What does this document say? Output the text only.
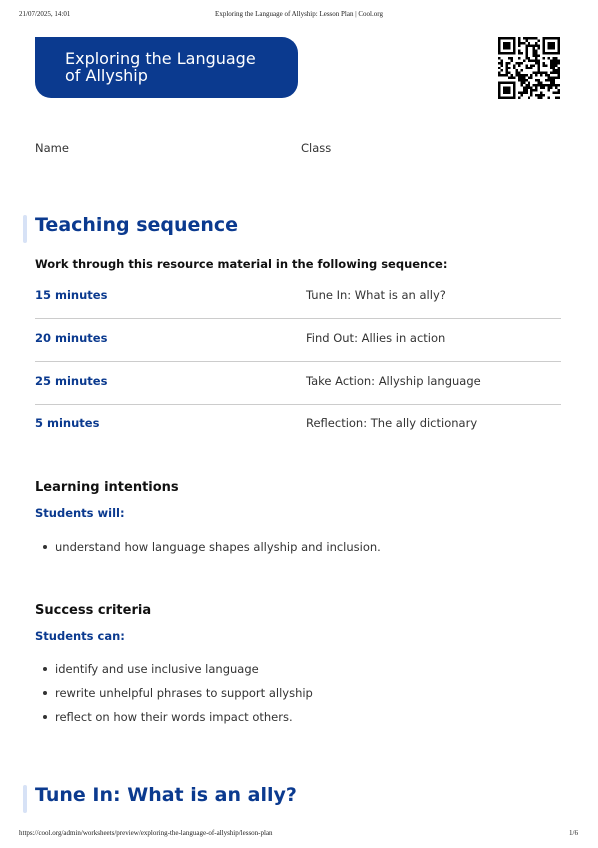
21/07/2025, 14:01	Exploring the Language of Allyship: Lesson Plan | Cool.org
Exploring the Language
of Allyship
Name	Class
Teaching sequence

Work through this resource material in the following sequence:

15 minutes	Tune In: What is an ally?
20 minutes	Find Out: Allies in action
25 minutes	Take Action: Allyship language
5 minutes	Reflection: The ally dictionary
Learning intentions

Students will:

understand how language shapes allyship and inclusion.
Success criteria

Students can:

identify and use inclusive language
rewrite unhelpful phrases to support allyship
reflect on how their words impact others.
Tune In: What is an ally?
https://cool.org/admin/worksheets/preview/exploring-the-language-of-allyship/lesson-plan	1/6
